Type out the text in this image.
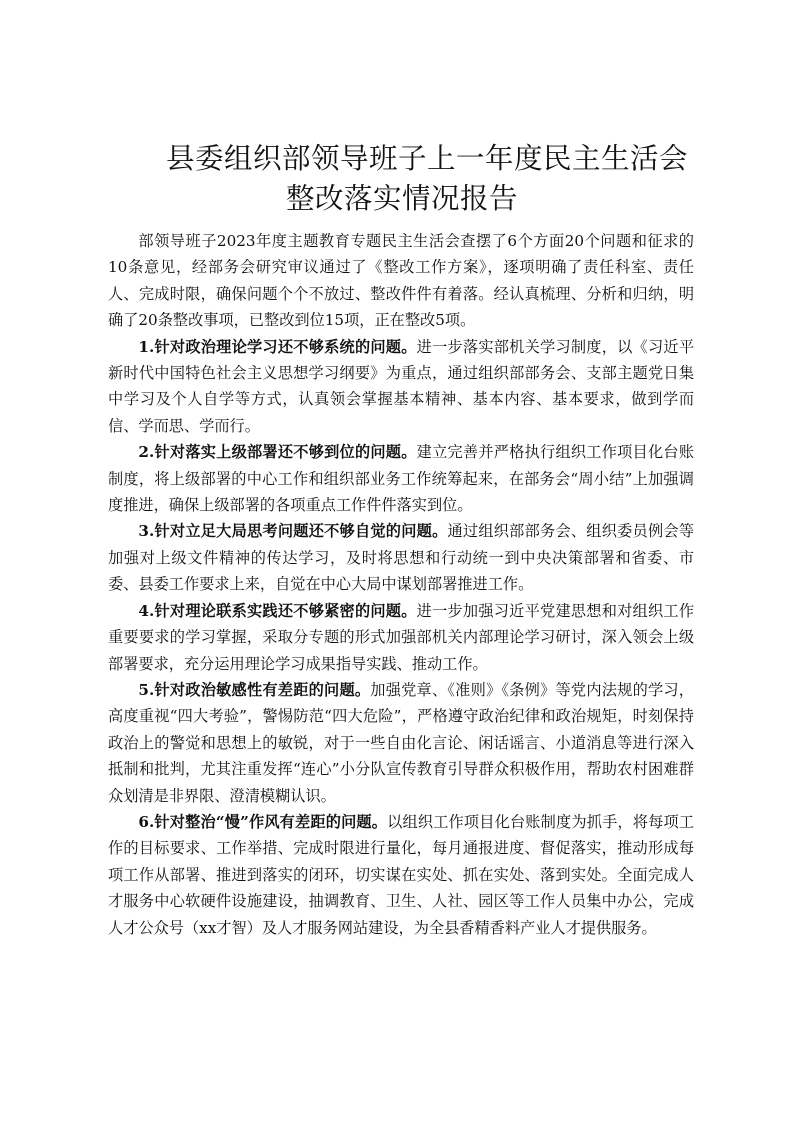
县委组织部领导班子上一年度民主生活会
整改落实情况报告

部领导班子2023年度主题教育专题民主生活会查摆了6个方面20个问题和征求的10条意见，经部务会研究审议通过了《整改工作方案》，逐项明确了责任科室、责任人、完成时限，确保问题个个不放过、整改件件有着落。经认真梳理、分析和归纳，明确了20条整改事项，已整改到位15项，正在整改5项。

1.针对政治理论学习还不够系统的问题。进一步落实部机关学习制度，以《习近平新时代中国特色社会主义思想学习纲要》为重点，通过组织部部务会、支部主题党日集中学习及个人自学等方式，认真领会掌握基本精神、基本内容、基本要求，做到学而信、学而思、学而行。

2.针对落实上级部署还不够到位的问题。建立完善并严格执行组织工作项目化台账制度，将上级部署的中心工作和组织部业务工作统筹起来，在部务会“周小结”上加强调度推进，确保上级部署的各项重点工作件件落实到位。

3.针对立足大局思考问题还不够自觉的问题。通过组织部部务会、组织委员例会等加强对上级文件精神的传达学习，及时将思想和行动统一到中央决策部署和省委、市委、县委工作要求上来，自觉在中心大局中谋划部署推进工作。

4.针对理论联系实践还不够紧密的问题。进一步加强习近平党建思想和对组织工作重要要求的学习掌握，采取分专题的形式加强部机关内部理论学习研讨，深入领会上级部署要求，充分运用理论学习成果指导实践、推动工作。

5.针对政治敏感性有差距的问题。加强党章、《准则》《条例》等党内法规的学习，高度重视“四大考验”，警惕防范“四大危险”，严格遵守政治纪律和政治规矩，时刻保持政治上的警觉和思想上的敏锐，对于一些自由化言论、闲话谣言、小道消息等进行深入抵制和批判，尤其注重发挥“连心”小分队宣传教育引导群众积极作用，帮助农村困难群众划清是非界限、澄清模糊认识。

6.针对整治“慢”作风有差距的问题。以组织工作项目化台账制度为抓手，将每项工作的目标要求、工作举措、完成时限进行量化，每月通报进度、督促落实，推动形成每项工作从部署、推进到落实的闭环，切实谋在实处、抓在实处、落到实处。全面完成人才服务中心软硬件设施建设，抽调教育、卫生、人社、园区等工作人员集中办公，完成人才公众号（xx才智）及人才服务网站建设，为全县香精香料产业人才提供服务。
